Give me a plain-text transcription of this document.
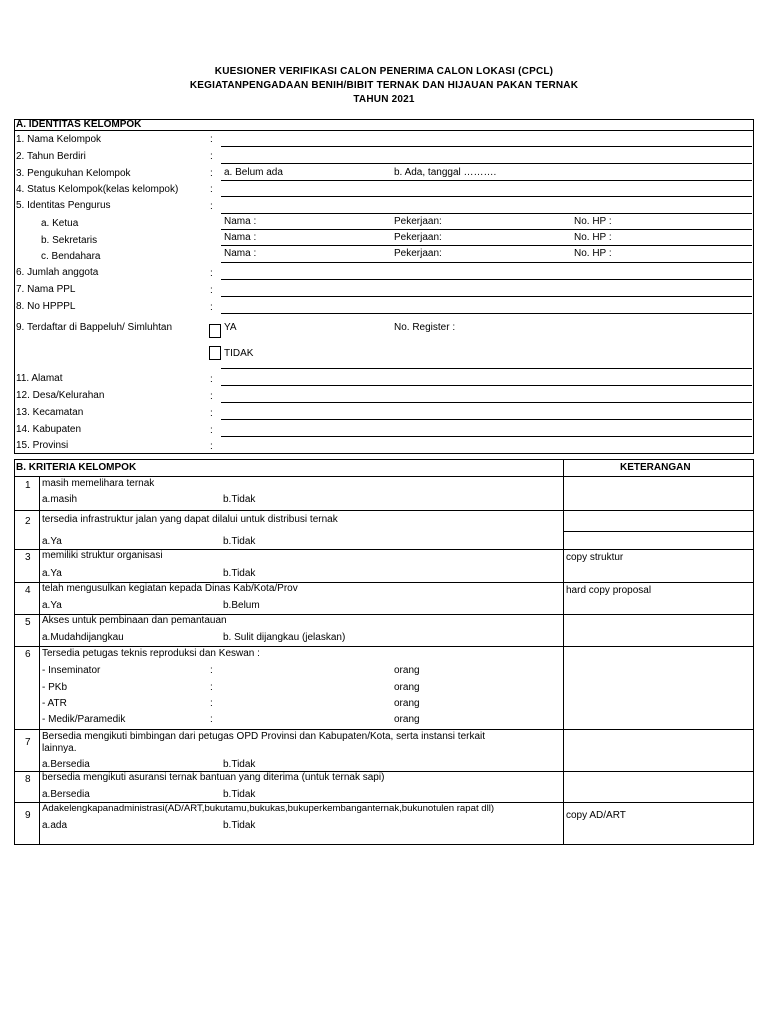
KUESIONER VERIFIKASI CALON PENERIMA CALON LOKASI (CPCL)
KEGIATANPENGADAAN BENIH/BIBIT TERNAK DAN HIJAUAN PAKAN TERNAK
TAHUN 2021
A. IDENTITAS KELOMPOK
1. Nama Kelompok	:
2. Tahun Berdiri	:
3. Pengukuhan Kelompok	: a. Belum ada	b. Ada, tanggal ……….
4. Status Kelompok(kelas kelompok)	:
5. Identitas Pengurus	:
a. Ketua	Nama :	Pekerjaan:	No. HP :
b. Sekretaris	Nama :	Pekerjaan:	No. HP :
c. Bendahara	Nama :	Pekerjaan:	No. HP :
6. Jumlah anggota	:
7. Nama PPL	:
8. No HPPPL	:
9. Terdaftar di Bappeluh/ Simluhtan	YA	No. Register :
TIDAK
11. Alamat	:
12. Desa/Kelurahan	:
13. Kecamatan	:
14. Kabupaten	:
15. Provinsi	:
B. KRITERIA KELOMPOK	KETERANGAN
1 masih memelihara ternak
a.masih	b.Tidak
2 tersedia infrastruktur jalan yang dapat dilalui untuk distribusi ternak
a.Ya	b.Tidak
3 memiliki struktur organisasi
a.Ya	b.Tidak
copy struktur
4 telah mengusulkan kegiatan kepada Dinas Kab/Kota/Prov
a.Ya	b.Belum
hard copy proposal
5 Akses untuk pembinaan dan pemantauan
a.Mudahdijangkau	b. Sulit dijangkau (jelaskan)
6 Tersedia petugas teknis reproduksi dan Keswan :
- Inseminator	:	orang
- PKb	:	orang
- ATR	:	orang
- Medik/Paramedik	:	orang
7
Bersedia mengikuti bimbingan dari petugas OPD Provinsi dan Kabupaten/Kota, serta instansi terkait
lainnya.
a.Bersedia	b.Tidak
8 bersedia mengikuti asuransi ternak bantuan yang diterima (untuk ternak sapi)
a.Bersedia	b.Tidak
9
Adakelengkapanadministrasi(AD/ART,bukutamu,bukukas,bukuperkembanganternak,bukunotulen rapat dll)
a.ada	b.Tidak
copy AD/ART
